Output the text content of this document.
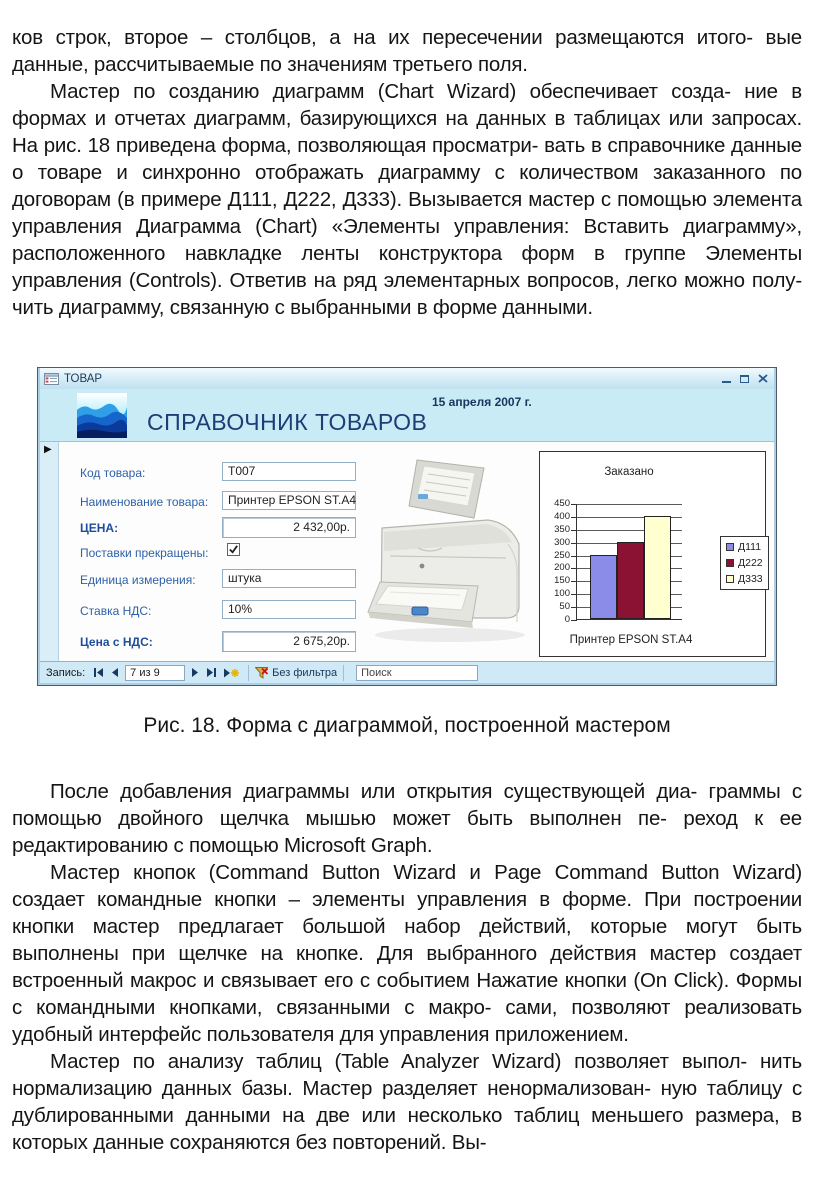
ков строк, второе – столбцов, а на их пересечении размещаются итого- вые данные, рассчитываемые по значениям третьего поля.

Мастер по созданию диаграмм (Chart Wizard) обеспечивает созда- ние в формах и отчетах диаграмм, базирующихся на данных в таблицах или запросах. На рис. 18 приведена форма, позволяющая просматри- вать в справочнике данные о товаре и синхронно отображать диаграмму с количеством заказанного по договорам (в примере Д111, Д222, Д333). Вызывается мастер с помощью элемента управления Диаграмма (Chart) «Элементы управления: Вставить диаграмму», расположенного навкладке ленты конструктора форм в группе Элементы управления (Controls). Ответив на ряд элементарных вопросов, легко можно полу- чить диаграмму, связанную с выбранными в форме данными.

ТОВАР
СПРАВОЧНИК ТОВАРОВ
15 апреля 2007 г.
▶
Код товара:	T007
Наименование товара:	Принтер EPSON ST.A4
ЦЕНА:	2 432,00р.
Поставки прекращены:
Единица измерения:	штука
Ставка НДС:	10%
Цена с НДС:	2 675,20р.
Заказано
0
50
100
150
200
250
300
350
400
450
Д111
Д222
Д333
Принтер EPSON ST.A4
Запись:	7 из 9	Без фильтра
Поиск

Рис. 18. Форма с диаграммой, построенной мастером

После добавления диаграммы или открытия существующей диа- граммы с помощью двойного щелчка мышью может быть выполнен пе- реход к ее редактированию с помощью Microsoft Graph.

Мастер кнопок (Command Button Wizard и Page Command Button Wizard) создает командные кнопки – элементы управления в форме. При построении кнопки мастер предлагает большой набор действий, которые могут быть выполнены при щелчке на кнопке. Для выбранного действия мастер создает встроенный макрос и связывает его с событием Нажатие кнопки (On Click). Формы с командными кнопками, связанными с макро- сами, позволяют реализовать удобный интерфейс пользователя для управления приложением.

Мастер по анализу таблиц (Table Analyzer Wizard) позволяет выпол- нить нормализацию данных базы. Мастер разделяет ненормализован- ную таблицу с дублированными данными на две или несколько таблиц меньшего размера, в которых данные сохраняются без повторений. Вы-
